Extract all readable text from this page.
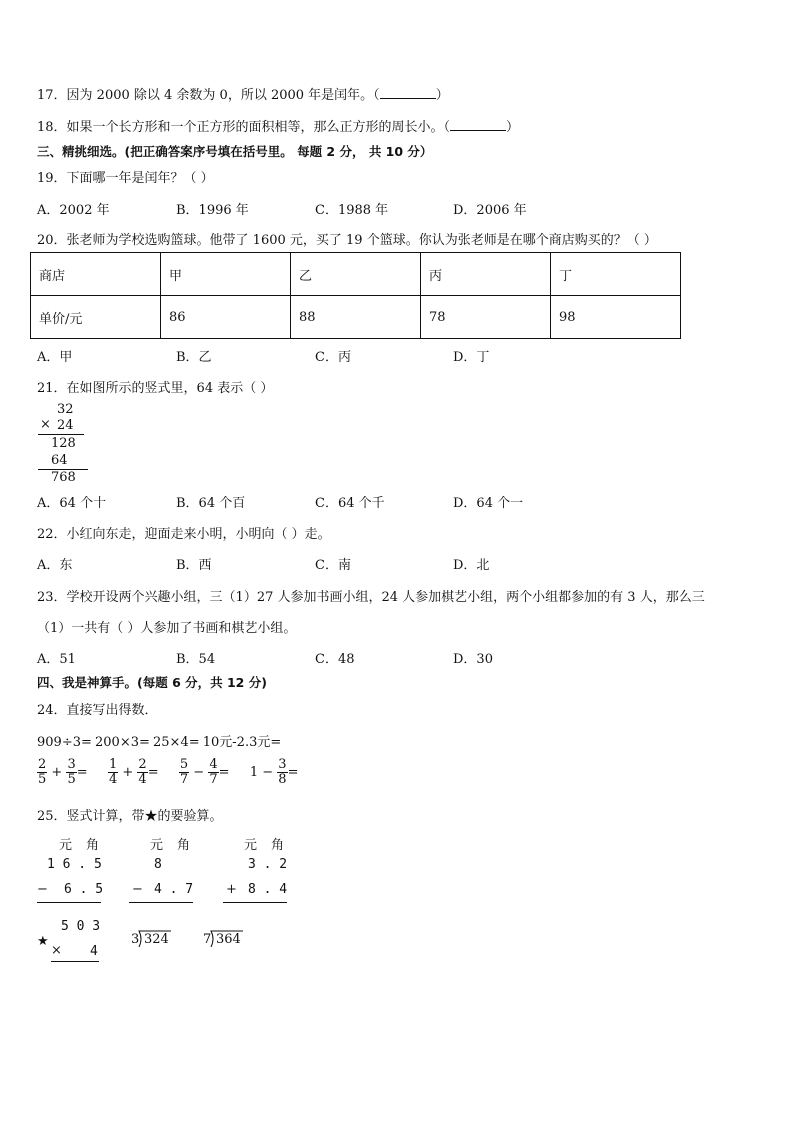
17．因为 2000 除以 4 余数为 0，所以 2000 年是闰年。（	）
18．如果一个长方形和一个正方形的面积相等，那么正方形的周长小。（	）
三、精挑细选。(把正确答案序号填在括号里。 每题 2 分， 共 10 分）
19．下面哪一年是闰年？（ ）
A．2002 年	B．1996 年	C．1988 年	D．2006 年
20．张老师为学校选购篮球。他带了 1600 元，买了 19 个篮球。你认为张老师是在哪个商店购买的？（ ）
商店	甲	乙	丙	丁
单价/元	86	88	78	98
A．甲	B．乙	C．丙	D．丁
21．在如图所示的竖式里，64 表示（ ）
32
× 24
128
64
768
A．64 个十	B．64 个百	C．64 个千	D．64 个一
22．小红向东走，迎面走来小明，小明向（ ）走。
A．东	B．西	C．南	D．北
23．学校开设两个兴趣小组，三（1）27 人参加书画小组，24 人参加棋艺小组，两个小组都参加的有 3 人，那么三
（1）一共有（ ）人参加了书画和棋艺小组。
A．51	B．54	C．48	D．30
四、我是神算手。(每题 6 分，共 12 分)
24．直接写出得数．
909÷3= 200×3= 25×4= 10元-2.3元=
$\frac{2}{5} + \frac{3}{5} = \frac{1}{4} + \frac{2}{4} = \frac{5}{7} - \frac{4}{7} = 1 - \frac{3}{8}$ =
25．竖式计算，带★的要验算。
元 角	元 角	元 角
1 6 . 5
− 6 . 5
8
− 4 . 7
3 . 2
+ 8 . 4
★
5 0 3
× 4
3 324	7 364
